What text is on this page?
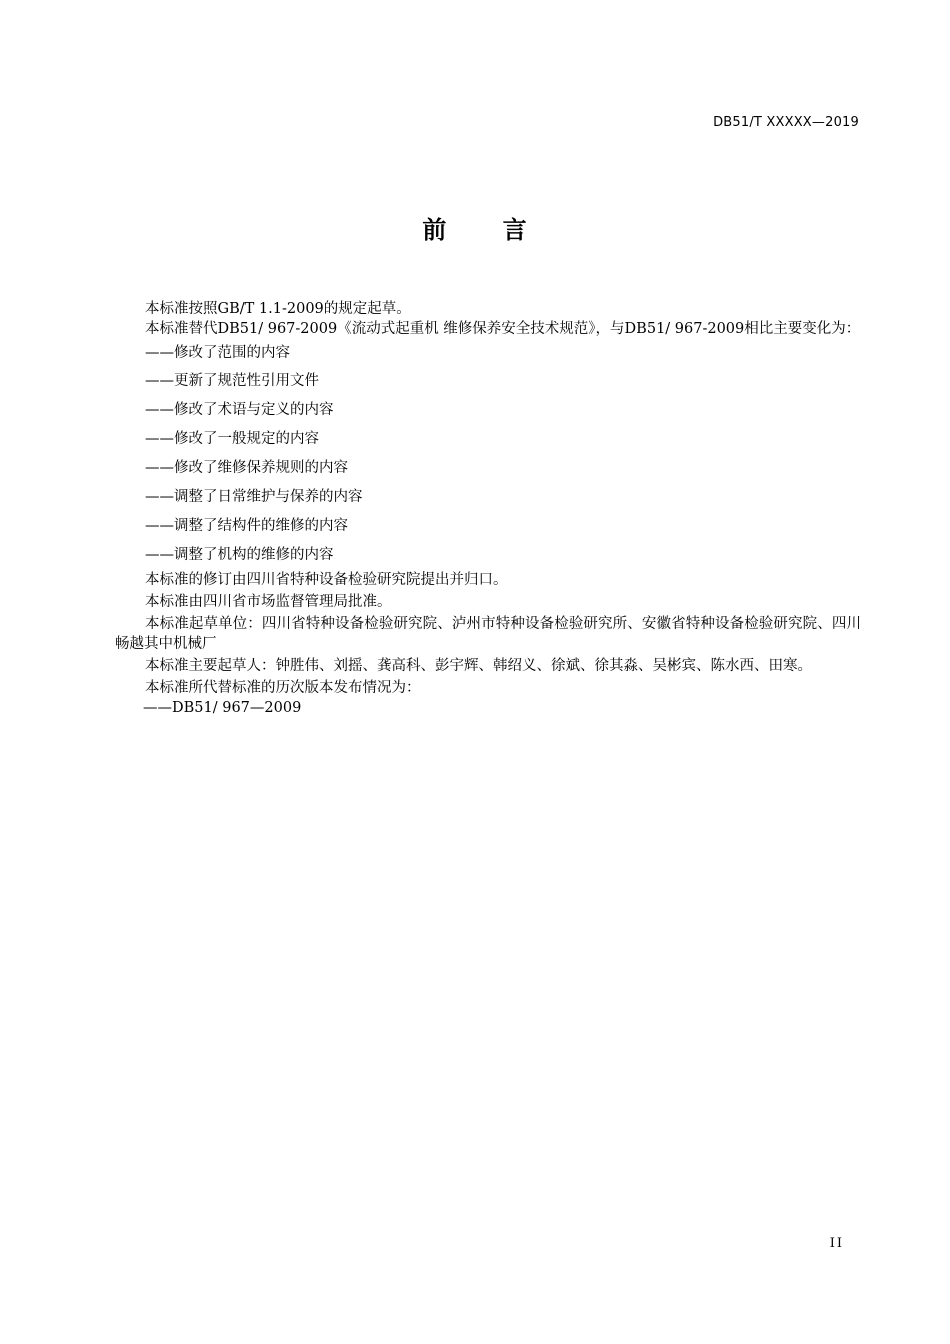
DB51/T XXXXX—2019
前 言

本标准按照GB/T 1.1-2009的规定起草。

本标准替代DB51/ 967-2009《流动式起重机 维修保养安全技术规范》，与DB51/ 967-2009相比主要变化为：

——修改了范围的内容
——更新了规范性引用文件
——修改了术语与定义的内容
——修改了一般规定的内容
——修改了维修保养规则的内容
——调整了日常维护与保养的内容
——调整了结构件的维修的内容
——调整了机构的维修的内容

本标准的修订由四川省特种设备检验研究院提出并归口。

本标准由四川省市场监督管理局批准。

本标准起草单位：四川省特种设备检验研究院、泸州市特种设备检验研究所、安徽省特种设备检验研究院、四川畅越其中机械厂

本标准主要起草人：钟胜伟、刘摇、龚高科、彭宇辉、韩绍义、徐斌、徐其淼、吴彬宾、陈水西、田寒。

本标准所代替标准的历次版本发布情况为：

——DB51/ 967—2009

II
